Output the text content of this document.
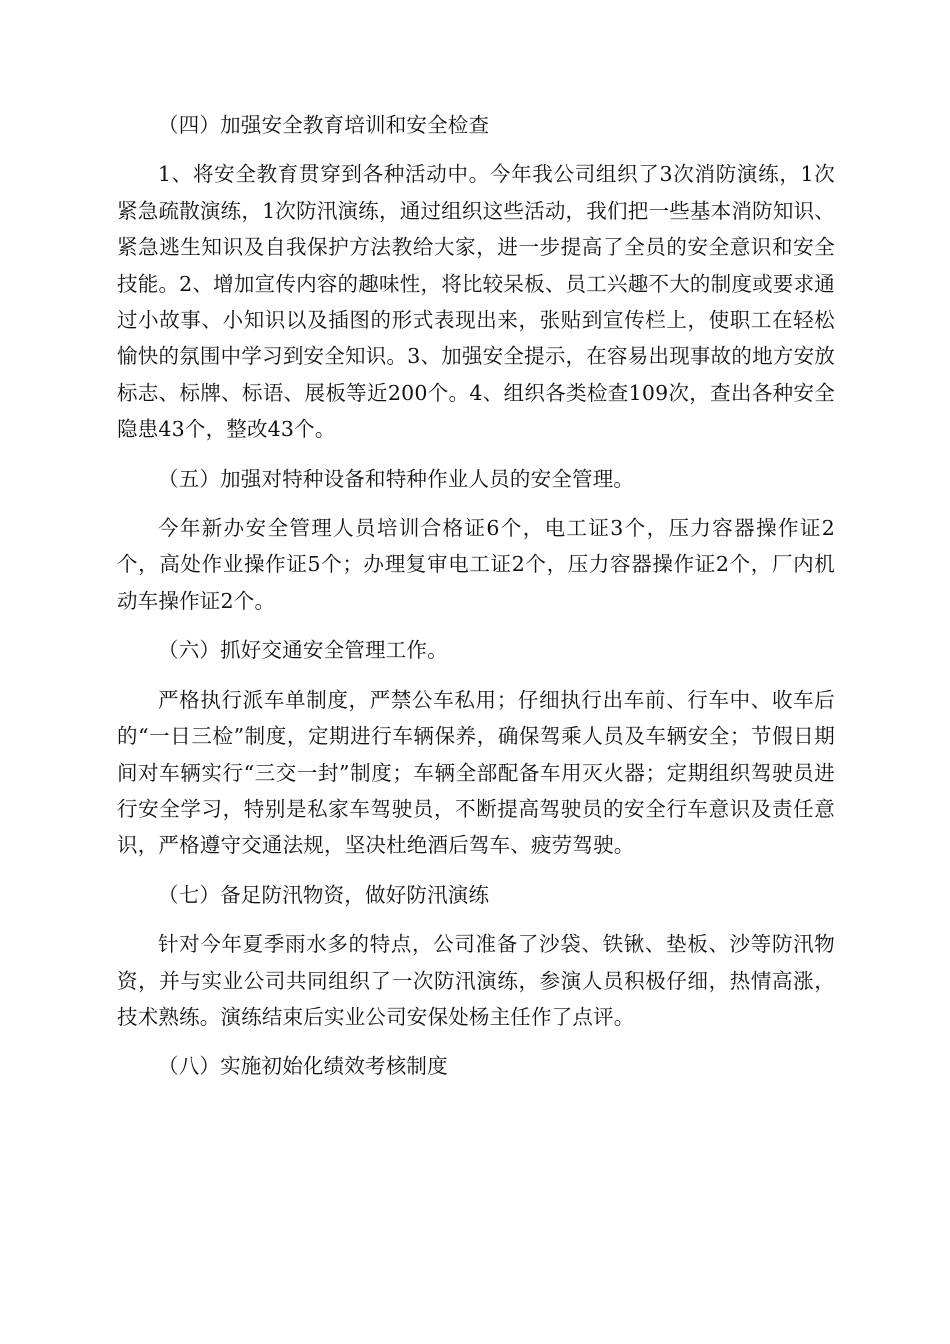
（四）加强安全教育培训和安全检查

1、将安全教育贯穿到各种活动中。今年我公司组织了3次消防演练，1次紧急疏散演练，1次防汛演练，通过组织这些活动，我们把一些基本消防知识、紧急逃生知识及自我保护方法教给大家，进一步提高了全员的安全意识和安全技能。2、增加宣传内容的趣味性，将比较呆板、员工兴趣不大的制度或要求通过小故事、小知识以及插图的形式表现出来，张贴到宣传栏上，使职工在轻松愉快的氛围中学习到安全知识。3、加强安全提示，在容易出现事故的地方安放标志、标牌、标语、展板等近200个。4、组织各类检查109次，查出各种安全隐患43个，整改43个。

（五）加强对特种设备和特种作业人员的安全管理。

今年新办安全管理人员培训合格证6个，电工证3个，压力容器操作证2个，高处作业操作证5个；办理复审电工证2个，压力容器操作证2个，厂内机动车操作证2个。

（六）抓好交通安全管理工作。

严格执行派车单制度，严禁公车私用；仔细执行出车前、行车中、收车后的“一日三检”制度，定期进行车辆保养，确保驾乘人员及车辆安全；节假日期间对车辆实行“三交一封”制度；车辆全部配备车用灭火器；定期组织驾驶员进行安全学习，特别是私家车驾驶员，不断提高驾驶员的安全行车意识及责任意识，严格遵守交通法规，坚决杜绝酒后驾车、疲劳驾驶。

（七）备足防汛物资，做好防汛演练

针对今年夏季雨水多的特点，公司准备了沙袋、铁锹、垫板、沙等防汛物资，并与实业公司共同组织了一次防汛演练，参演人员积极仔细，热情高涨，技术熟练。演练结束后实业公司安保处杨主任作了点评。

（八）实施初始化绩效考核制度
